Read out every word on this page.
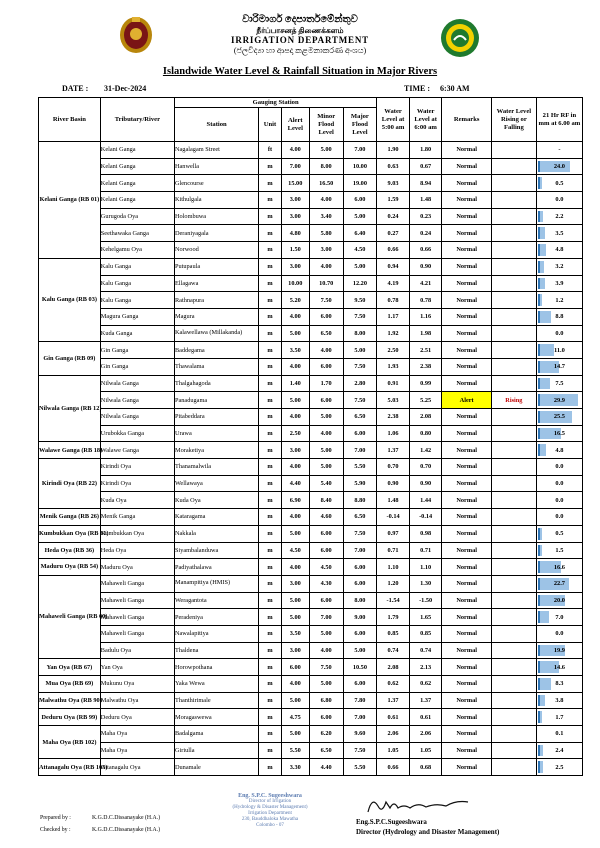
වාරිමාර්ග දෙපාර්තමේන්තුව
நீர்ப்பாசனத் திணைக்களம்
IRRIGATION DEPARTMENT
(ජලවිද්‍යා හා ආපදා කළමනාකරණ අංශය)
Islandwide Water Level & Rainfall Situation in Major Rivers
DATE : 31-Dec-2024	TIME : 6:30 AM
River Basin	Tributary/River	Gauging Station					Water Level at 5:00 am	Water Level at 6:00 am	Remarks	Water Level Rising or Falling	21 Hr RF in mm at 6.00 am
		Station	Unit	Alert Level	Minor Flood Level	Major Flood Level					
Kelani Ganga (RB 01)	Kelani Ganga	Nagalagam Street	ft	4.00	5.00	7.00	1.90	1.80	Normal		-

	Kelani Ganga	Hanwella	m	7.00	8.00	10.00	0.63	0.67	Normal		24.0

	Kelani Ganga	Glencourse	m	15.00	16.50	19.00	9.03	8.94	Normal		0.5

	Kelani Ganga	Kithulgala	m	3.00	4.00	6.00	1.59	1.48	Normal		0.0

	Gurugoda Oya	Holombuwa	m	3.00	3.40	5.00	0.24	0.23	Normal		2.2

	Seethawaka Ganga	Deraniyagala	m	4.80	5.80	6.40	0.27	0.24	Normal		3.5

	Kehelgamu Oya	Norwood	m	1.50	3.00	4.50	0.66	0.66	Normal		4.8

Kalu Ganga (RB 03)	Kalu Ganga	Putupaula	m	3.00	4.00	5.00	0.94	0.90	Normal		3.2

	Kalu Ganga	Ellagawa	m	10.00	10.70	12.20	4.19	4.21	Normal		3.9

	Kalu Ganga	Rathnapura	m	5.20	7.50	9.50	0.78	0.78	Normal		1.2

	Magura Ganga	Magura	m	4.00	6.00	7.50	1.17	1.16	Normal		8.8

	Kuda Ganga	Kalawellawa (Millakanda)	m	5.00	6.50	8.00	1.92	1.98	Normal		0.0

Gin Ganga (RB 09)	Gin Ganga	Baddegama	m	3.50	4.00	5.00	2.50	2.51	Normal		11.0

	Gin Ganga	Thawalama	m	4.00	6.00	7.50	1.93	2.38	Normal		14.7

Nilwala Ganga (RB 12)	Nilwala Ganga	Thalgahagoda	m	1.40	1.70	2.80	0.91	0.99	Normal		7.5

	Nilwala Ganga	Panadugama	m	5.00	6.00	7.50	5.03	5.25	Alert	Rising	29.9

	Nilwala Ganga	Pitabeddara	m	4.00	5.00	6.50	2.38	2.08	Normal		25.5

	Urubokka Ganga	Urawa	m	2.50	4.00	6.00	1.06	0.80	Normal		16.5

Walawe Ganga (RB 18)	Walawe Ganga	Moraketiya	m	3.00	5.00	7.00	1.37	1.42	Normal		4.8

Kirindi Oya (RB 22)	Kirindi Oya	Thanamalwila	m	4.00	5.00	5.50	0.70	0.70	Normal		0.0

	Kirindi Oya	Wellawaya	m	4.40	5.40	5.90	0.90	0.90	Normal		0.0

	Kuda Oya	Kuda Oya	m	6.90	8.40	8.80	1.48	1.44	Normal		0.0

Menik Ganga (RB 26)	Menik Ganga	Kataragama	m	4.00	4.60	6.50	-0.14	-0.14	Normal		0.0

Kumbukkan Oya (RB 31)	Kumbukkan Oya	Nakkala	m	5.00	6.00	7.50	0.97	0.98	Normal		0.5

Heda Oya (RB 36)	Heda Oya	Siyambalanduwa	m	4.50	6.00	7.00	0.71	0.71	Normal		1.5

Maduru Oya (RB 54)	Maduru Oya	Padiyathalawa	m	4.00	4.50	6.00	1.10	1.10	Normal		16.6

Mahaweli Ganga (RB 60)	Mahaweli Ganga	Manampitiya (HMIS)	m	3.00	4.30	6.00	1.20	1.30	Normal		22.7

	Mahaweli Ganga	Weragantota	m	5.00	6.00	8.00	-1.54	-1.50	Normal		20.0

	Mahaweli Ganga	Peradeniya	m	5.00	7.00	9.00	1.79	1.65	Normal		7.0

	Mahaweli Ganga	Nawalapitiya	m	3.50	5.00	6.00	0.85	0.85	Normal		0.0

	Badulu Oya	Thaldena	m	3.00	4.00	5.00	0.74	0.74	Normal		19.9

Yan Oya (RB 67)	Yan Oya	Horowpothana	m	6.00	7.50	10.50	2.08	2.13	Normal		14.6

Mua Oya (RB 69)	Mukunu Oya	Yaka Wewa	m	4.00	5.00	6.00	0.62	0.62	Normal		8.3

Malwathu Oya (RB 90)	Malwathu Oya	Thanthirimale	m	5.00	6.80	7.80	1.37	1.37	Normal		3.8

Deduru Oya (RB 99)	Deduru Oya	Moragaswewa	m	4.75	6.00	7.00	0.61	0.61	Normal		1.7

Maha Oya (RB 102)	Maha Oya	Badalgama	m	5.00	6.20	9.60	2.06	2.06	Normal		0.1

	Maha Oya	Giriulla	m	5.50	6.50	7.50	1.05	1.05	Normal		2.4

Attanagalu Oya (RB 103)	Attanagalu Oya	Dunamale	m	3.30	4.40	5.50	0.66	0.68	Normal		2.5
Prepared by :	K.G.D.C.Dissanayake (H.A.)
Checked by :	K.G.D.C.Dissanayake (H.A.)
Eng. S.P.C. Sugeeshwara
Director of Irrigation
(Hydrology & Disaster Management)
Irrigation Department
230, Bauddhaloka Mawatha
Colombo - 07	Eng.S.P.C.Sugeeshwara
Director (Hydrology and Disaster Management)
